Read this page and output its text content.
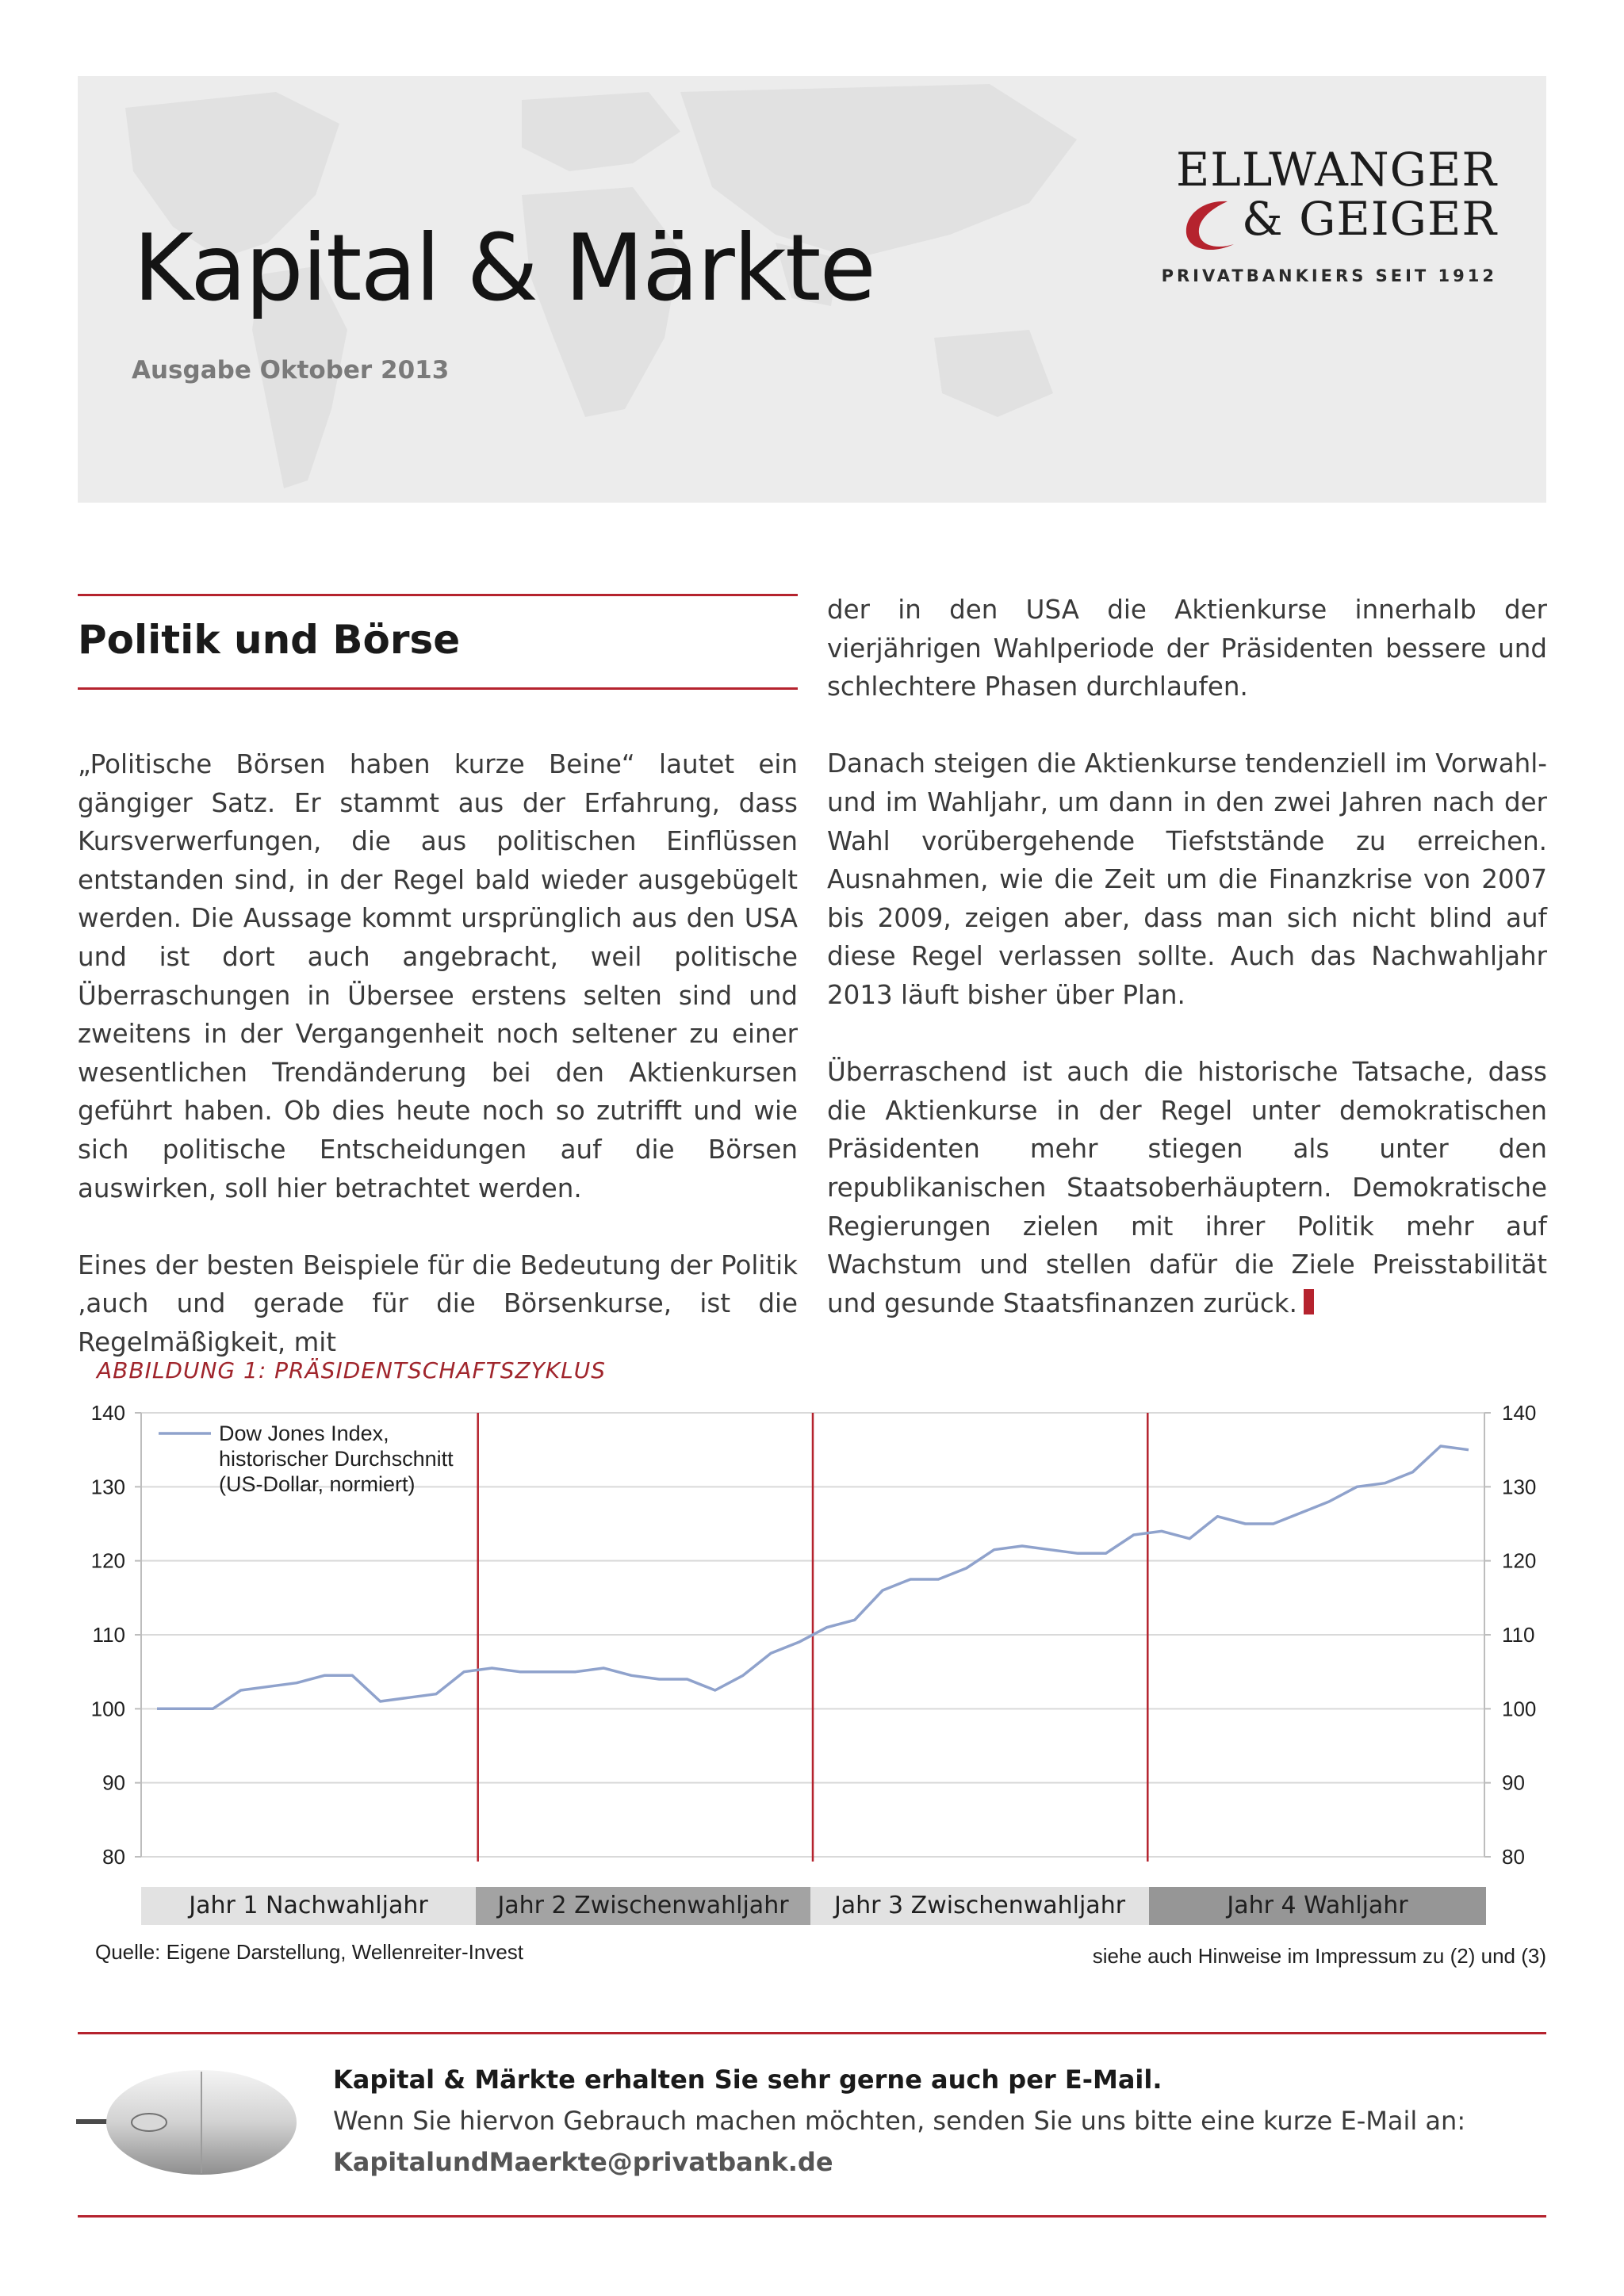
Kapital & Märkte
Ausgabe Oktober 2013
ELLWANGER
& GEIGER
PRIVATBANKIERS SEIT 1912
Politik und Börse

„Politische Börsen haben kurze Beine“ lautet ein gängiger Satz. Er stammt aus der Erfahrung, dass Kursverwerfungen, die aus politischen Einflüssen entstanden sind, in der Regel bald wieder ausgebügelt werden. Die Aussage kommt ursprünglich aus den USA und ist dort auch angebracht, weil politische Überraschungen in Übersee erstens selten sind und zweitens in der Vergangenheit noch seltener zu einer wesentlichen Trendänderung bei den Aktienkursen geführt haben. Ob dies heute noch so zutrifft und wie sich politische Entscheidungen auf die Börsen auswirken, soll hier betrachtet werden.

Eines der besten Beispiele für die Bedeutung der Politik ‚auch und gerade für die Börsenkurse, ist die Regelmäßigkeit, mit

der in den USA die Aktienkurse innerhalb der vierjährigen Wahlperiode der Präsidenten bessere und schlechtere Phasen durchlaufen.

Danach steigen die Aktienkurse tendenziell im Vorwahl- und im Wahljahr, um dann in den zwei Jahren nach der Wahl vorübergehende Tiefststände zu erreichen. Ausnahmen, wie die Zeit um die Finanzkrise von 2007 bis 2009, zeigen aber, dass man sich nicht blind auf diese Regel verlassen sollte. Auch das Nachwahljahr 2013 läuft bisher über Plan.

Überraschend ist auch die historische Tatsache, dass die Aktienkurse in der Regel unter demokratischen Präsidenten mehr stiegen als unter den republikanischen Staatsoberhäuptern. Demokratische Regierungen zielen mit ihrer Politik mehr auf Wachstum und stellen dafür die Ziele Preisstabilität und gesunde Staatsfinanzen zurück.

ABBILDUNG 1: PRÄSIDENTSCHAFTSZYKLUS
80	80
90	90
100	100
110	110
120	120
130	130
140	140
Dow Jones Index,
historischer Durchschnitt
(US-Dollar, normiert)
Jahr 1 Nachwahljahr	Jahr 2 Zwischenwahljahr	Jahr 3 Zwischenwahljahr	Jahr 4 Wahljahr
Quelle: Eigene Darstellung, Wellenreiter-Invest	siehe auch Hinweise im Impressum zu (2) und (3)
Kapital & Märkte erhalten Sie sehr gerne auch per E-Mail.
Wenn Sie hiervon Gebrauch machen möchten, senden Sie uns bitte eine kurze E-Mail an:
KapitalundMaerkte@privatbank.de
